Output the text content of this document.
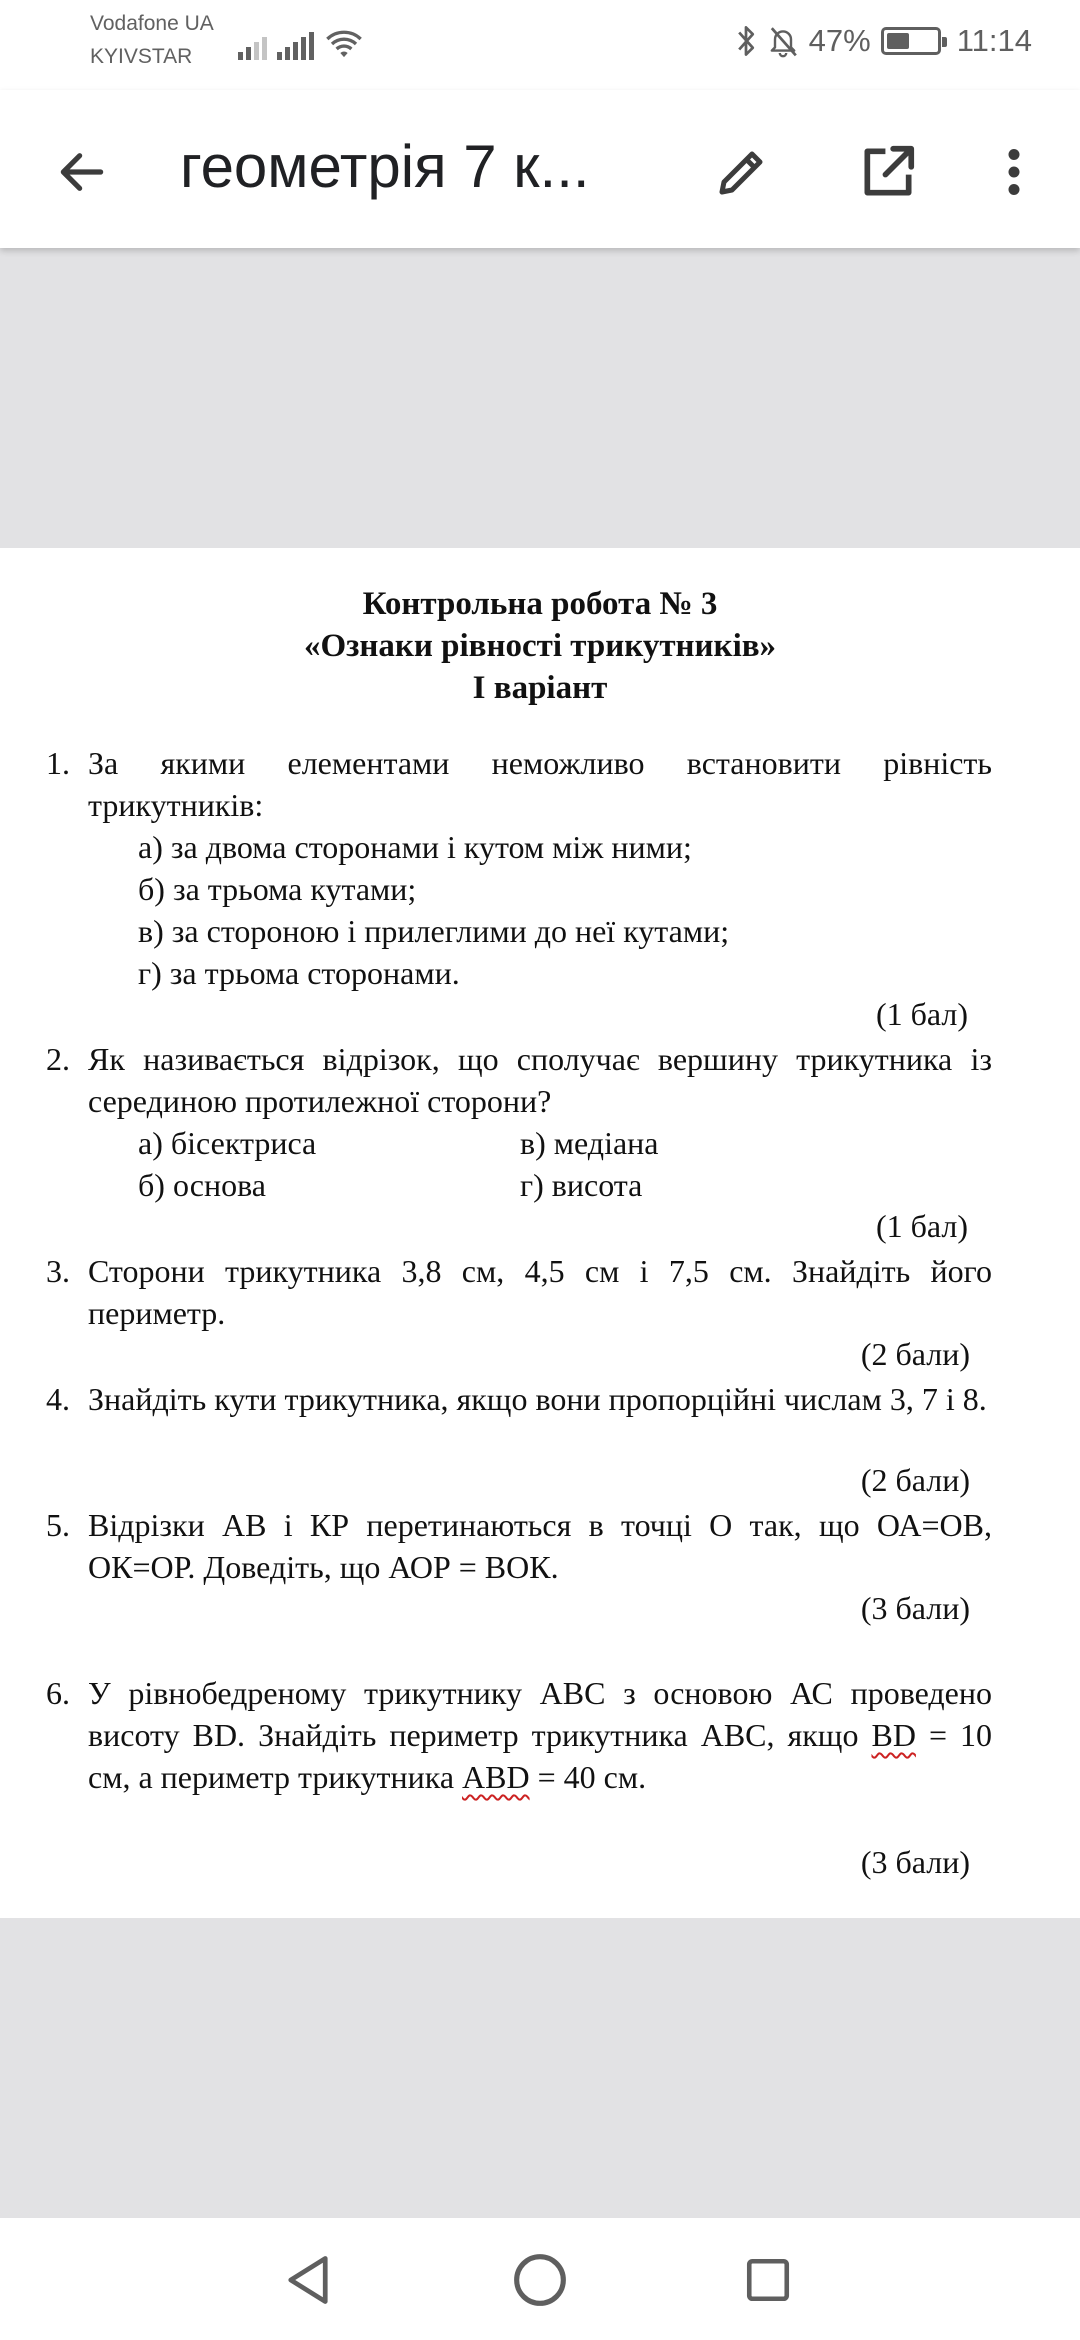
Vodafone UA
KYIVSTAR	47%	11:14
геометрія 7 к...
Контрольна робота № 3
«Ознаки рівності трикутників»
I варіант
1. За якими елементами неможливо встановити рівність трикутників:
а) за двома сторонами і кутом між ними;
б) за трьома кутами;
в) за стороною і прилеглими до неї кутами;
г) за трьома сторонами.
(1 бал)
2. Як називається відрізок, що сполучає вершину трикутника із серединою протилежної сторони?
а) бісектриса	в) медіана
б) основа	г) висота
(1 бал)
3. Сторони трикутника 3,8 см, 4,5 см і 7,5 см. Знайдіть його периметр.
(2 бали)
4. Знайдіть кути трикутника, якщо вони пропорційні числам 3, 7 і 8.
(2 бали)
5. Відрізки АВ і КР перетинаються в точці О так, що ОА=ОВ, ОК=ОР. Доведіть, що АОР = ВОК.
(3 бали)
6. У рівнобедреному трикутнику АВС з основою АС проведено висоту BD. Знайдіть периметр трикутника АВС, якщо BD = 10 см, а периметр трикутника ABD = 40 см.
(3 бали)
